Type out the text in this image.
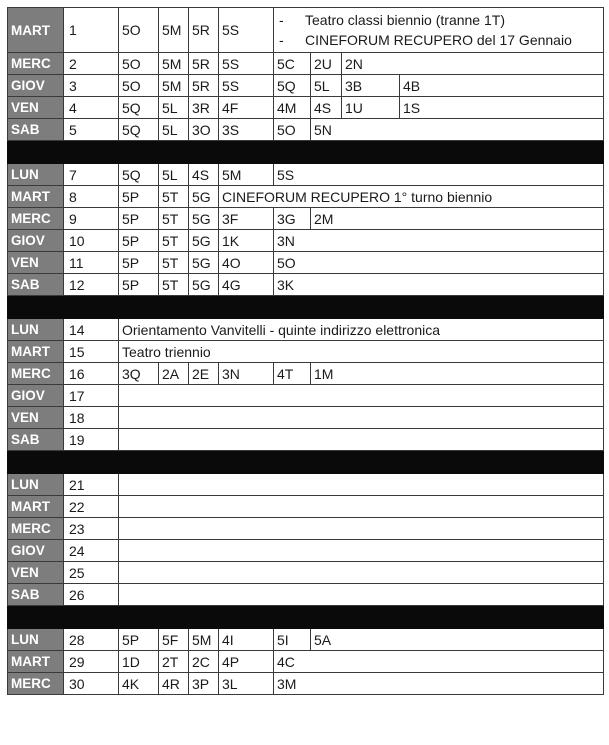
MART	1	5O	5M	5R	5S	- Teatro classi biennio (tranne 1T)
- CINEFORUM RECUPERO del 17 Gennaio			

MERC	2	5O	5M	5R	5S	5C	2U	2N	
GIOV	3	5O	5M	5R	5S	5Q	5L	3B	4B
VEN	4	5Q	5L	3R	4F	4M	4S	1U	1S
SAB	5	5Q	5L	3O	3S	5O	5N		

LUN	7	5Q	5L	4S	5M	5S			
MART	8	5P	5T	5G	CINEFORUM RECUPERO 1° turno biennio				
MERC	9	5P	5T	5G	3F	3G	2M		
GIOV	10	5P	5T	5G	1K	3N			
VEN	11	5P	5T	5G	4O	5O			
SAB	12	5P	5T	5G	4G	3K			

LUN	14	Orientamento Vanvitelli - quinte indirizzo elettronica							
MART	15	Teatro triennio							
MERC	16	3Q	2A	2E	3N	4T	1M		
GIOV	17								
VEN	18								
SAB	19								

LUN	21								
MART	22								
MERC	23								
GIOV	24								
VEN	25								
SAB	26								

LUN	28	5P	5F	5M	4I	5I	5A		
MART	29	1D	2T	2C	4P	4C			
MERC	30	4K	4R	3P	3L	3M			
